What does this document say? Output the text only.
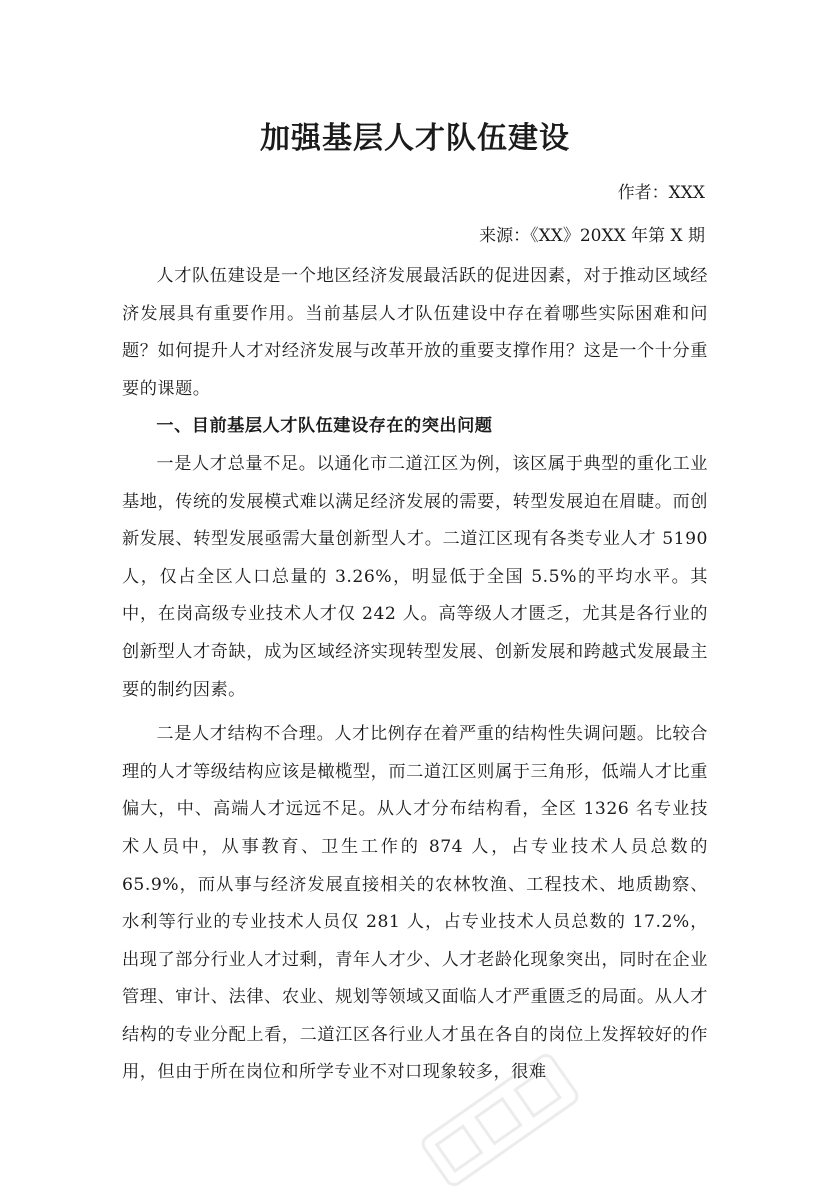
加强基层人才队伍建设

作者：XXX

来源：《XX》20XX 年第 X 期

人才队伍建设是一个地区经济发展最活跃的促进因素，对于推动区域经济发展具有重要作用。当前基层人才队伍建设中存在着哪些实际困难和问题？如何提升人才对经济发展与改革开放的重要支撑作用？这是一个十分重要的课题。

一、目前基层人才队伍建设存在的突出问题

一是人才总量不足。以通化市二道江区为例，该区属于典型的重化工业基地，传统的发展模式难以满足经济发展的需要，转型发展迫在眉睫。而创新发展、转型发展亟需大量创新型人才。二道江区现有各类专业人才 5190 人，仅占全区人口总量的 3.26%，明显低于全国 5.5%的平均水平。其中，在岗高级专业技术人才仅 242 人。高等级人才匮乏，尤其是各行业的创新型人才奇缺，成为区域经济实现转型发展、创新发展和跨越式发展最主要的制约因素。

二是人才结构不合理。人才比例存在着严重的结构性失调问题。比较合理的人才等级结构应该是橄榄型，而二道江区则属于三角形，低端人才比重偏大，中、高端人才远远不足。从人才分布结构看，全区 1326 名专业技术人员中，从事教育、卫生工作的 874 人，占专业技术人员总数的 65.9%，而从事与经济发展直接相关的农林牧渔、工程技术、地质勘察、水利等行业的专业技术人员仅 281 人，占专业技术人员总数的 17.2%，出现了部分行业人才过剩，青年人才少、人才老龄化现象突出，同时在企业管理、审计、法律、农业、规划等领域又面临人才严重匮乏的局面。从人才结构的专业分配上看，二道江区各行业人才虽在各自的岗位上发挥较好的作用，但由于所在岗位和所学专业不对口现象较多，很难
